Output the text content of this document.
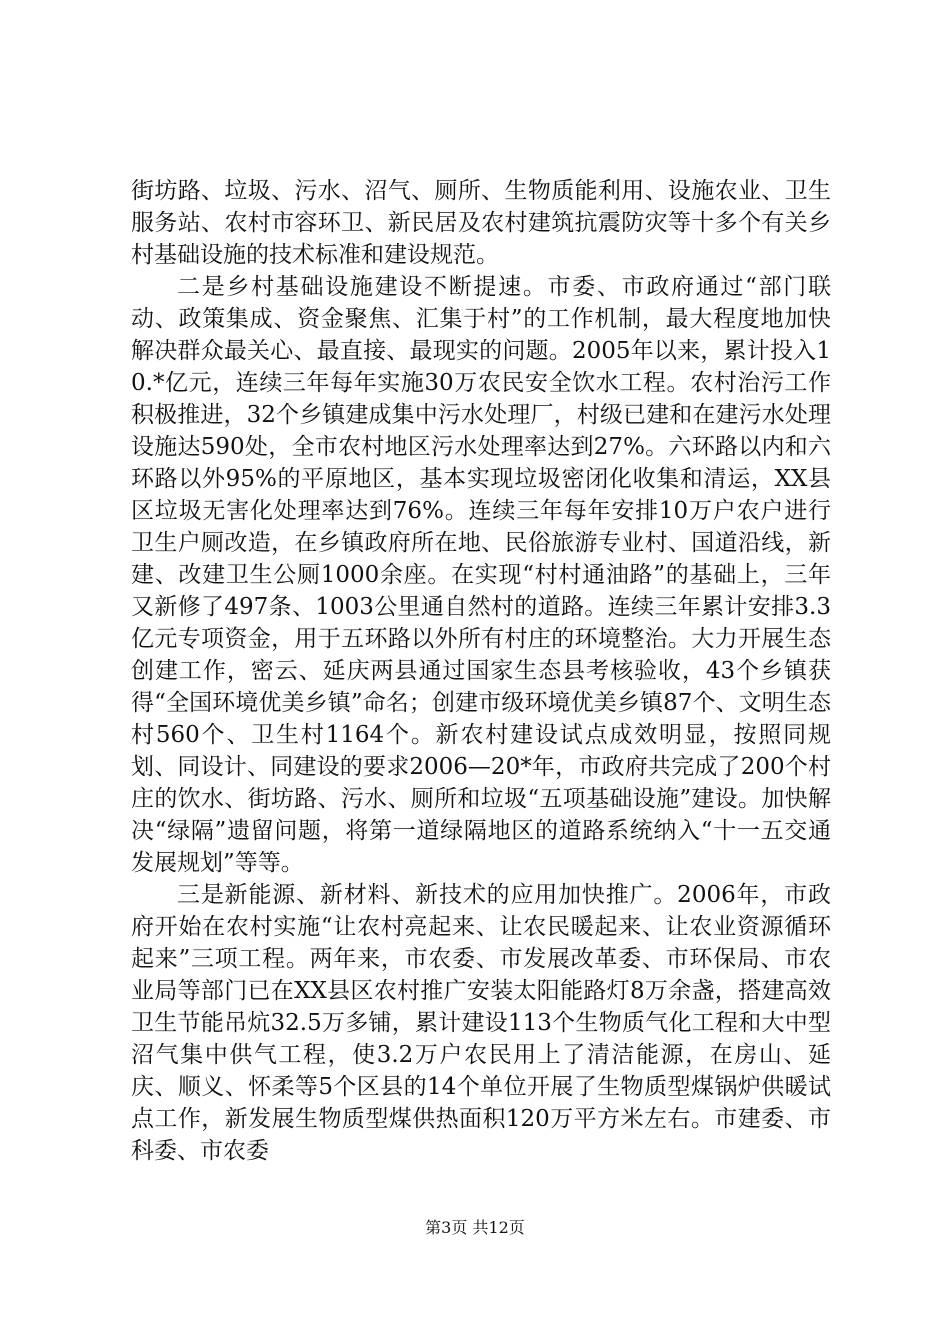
街坊路、垃圾、污水、沼气、厕所、生物质能利用、设施农业、卫生服务站、农村市容环卫、新民居及农村建筑抗震防灾等十多个有关乡村基础设施的技术标准和建设规范。

二是乡村基础设施建设不断提速。市委、市政府通过“部门联动、政策集成、资金聚焦、汇集于村”的工作机制，最大程度地加快解决群众最关心、最直接、最现实的问题。2005年以来，累计投入10.*亿元，连续三年每年实施30万农民安全饮水工程。农村治污工作积极推进，32个乡镇建成集中污水处理厂，村级已建和在建污水处理设施达590处，全市农村地区污水处理率达到27%。六环路以内和六环路以外95%的平原地区，基本实现垃圾密闭化收集和清运，XX县区垃圾无害化处理率达到76%。连续三年每年安排10万户农户进行卫生户厕改造，在乡镇政府所在地、民俗旅游专业村、国道沿线，新建、改建卫生公厕1000余座。在实现“村村通油路”的基础上，三年又新修了497条、1003公里通自然村的道路。连续三年累计安排3.3亿元专项资金，用于五环路以外所有村庄的环境整治。大力开展生态创建工作，密云、延庆两县通过国家生态县考核验收，43个乡镇获得“全国环境优美乡镇”命名；创建市级环境优美乡镇87个、文明生态村560个、卫生村1164个。新农村建设试点成效明显，按照同规划、同设计、同建设的要求2006—20*年，市政府共完成了200个村庄的饮水、街坊路、污水、厕所和垃圾“五项基础设施”建设。加快解决“绿隔”遗留问题，将第一道绿隔地区的道路系统纳入“十一五交通发展规划”等等。

三是新能源、新材料、新技术的应用加快推广。2006年，市政府开始在农村实施“让农村亮起来、让农民暖起来、让农业资源循环起来”三项工程。两年来，市农委、市发展改革委、市环保局、市农业局等部门已在XX县区农村推广安装太阳能路灯8万余盏，搭建高效卫生节能吊炕32.5万多铺，累计建设113个生物质气化工程和大中型沼气集中供气工程，使3.2万户农民用上了清洁能源，在房山、延庆、顺义、怀柔等5个区县的14个单位开展了生物质型煤锅炉供暖试点工作，新发展生物质型煤供热面积120万平方米左右。市建委、市科委、市农委

第3页 共12页
